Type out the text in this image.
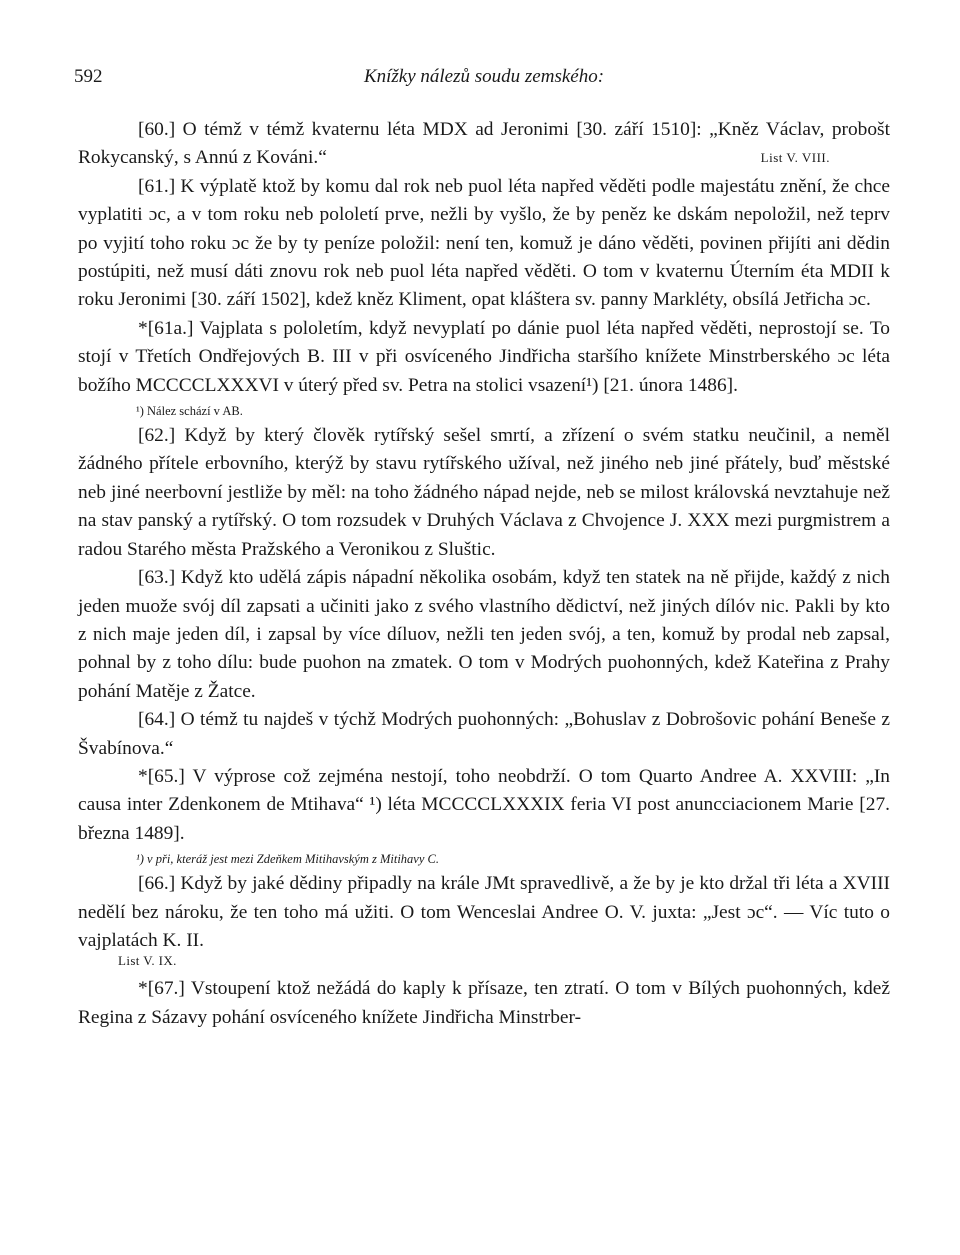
592	Knížky nálezů soudu zemského:

[60.] O témž v témž kvaternu léta MDX ad Jeronimi [30. září 1510]: „Kněz Václav, probošt Rokycanský, s Annú z Kováni.“	List V. VIII.

[61.] K výplatě ktož by komu dal rok neb puol léta napřed věděti podle majestátu znění, že chce vyplatiti ɔc, a v tom roku neb pololetí prve, nežli by vyšlo, že by peněz ke dskám nepoložil, než teprv po vyjití toho roku ɔc že by ty peníze položil: není ten, komuž je dáno věděti, povinen přijíti ani dědin postúpiti, než musí dáti znovu rok neb puol léta napřed věděti. O tom v kvaternu Úterním éta MDII k roku Jeronimi [30. září 1502], kdež kněz Kliment, opat kláštera sv. panny Markléty, obsílá Jetřicha ɔc.

*[61a.] Vajplata s pololetím, když nevyplatí po dánie puol léta napřed věděti, neprostojí se. To stojí v Třetích Ondřejových B. III v při osvíceného Jindřicha staršího knížete Minstrberského ɔc léta božího MCCCCLXXXVI v úterý před sv. Petra na stolici vsazení¹) [21. února 1486].

¹) Nález schází v AB.

[62.] Když by který člověk rytířský sešel smrtí, a zřízení o svém statku neučinil, a neměl žádného přítele erbovního, kterýž by stavu rytířského užíval, než jiného neb jiné přátely, buď městské neb jiné neerbovní jestliže by měl: na toho žádného nápad nejde, neb se milost královská nevztahuje než na stav panský a rytířský. O tom rozsudek v Druhých Václava z Chvojence J. XXX mezi purgmistrem a radou Starého města Pražského a Veronikou z Sluštic.

[63.] Když kto udělá zápis nápadní několika osobám, když ten statek na ně přijde, každý z nich jeden muože svój díl zapsati a učiniti jako z svého vlastního dědictví, než jiných dílóv nic. Pakli by kto z nich maje jeden díl, i zapsal by více díluov, nežli ten jeden svój, a ten, komuž by prodal neb zapsal, pohnal by z toho dílu: bude puohon na zmatek. O tom v Modrých puohonných, kdež Kateřina z Prahy pohání Matěje z Žatce.

[64.] O témž tu najdeš v týchž Modrých puohonných: „Bohuslav z Dobrošovic pohání Beneše z Švabínova.“

*[65.] V výprose což zejména nestojí, toho neobdrží. O tom Quarto Andree A. XXVIII: „In causa inter Zdenkonem de Mtihava“ ¹) léta MCCCCLXXXIX feria VI post anuncciacionem Marie [27. března 1489].

¹) v při, kteráž jest mezi Zdeňkem Mitihavským z Mitihavy C.

[66.] Když by jaké dědiny připadly na krále JMt spravedlivě, a že by je kto držal tři léta a XVIII nedělí bez nároku, že ten toho má užiti. O tom Wenceslai Andree O. V. juxta: „Jest ɔc“. — Víc tuto o vajplatách K. II.

List V. IX.

*[67.] Vstoupení ktož nežádá do kaply k přísaze, ten ztratí. O tom v Bílých puohonných, kdež Regina z Sázavy pohání osvíceného knížete Jindřicha Minstrber-
